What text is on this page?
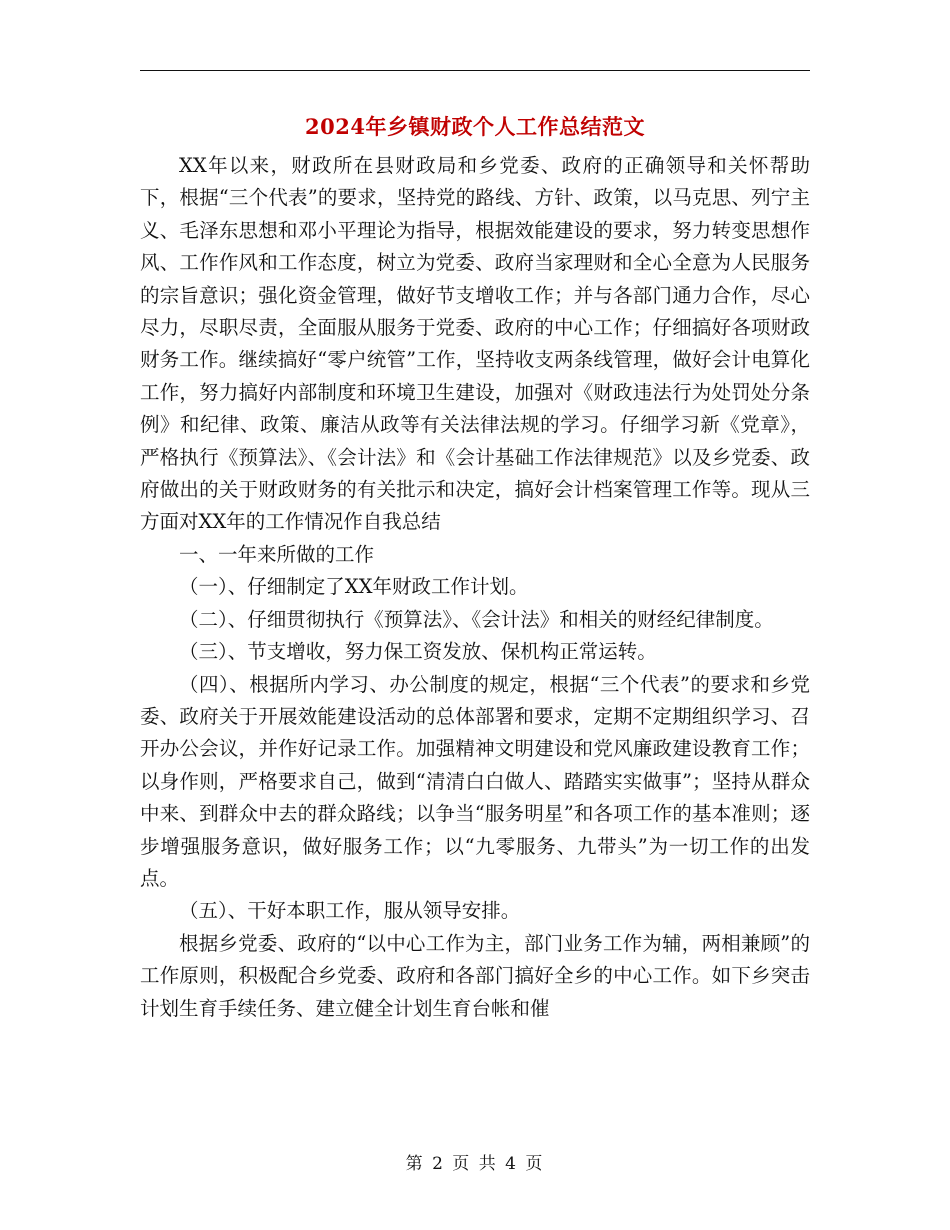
2024年乡镇财政个人工作总结范文

XX年以来，财政所在县财政局和乡党委、政府的正确领导和关怀帮助下，根据“三个代表”的要求，坚持党的路线、方针、政策，以马克思、列宁主义、毛泽东思想和邓小平理论为指导，根据效能建设的要求，努力转变思想作风、工作作风和工作态度，树立为党委、政府当家理财和全心全意为人民服务的宗旨意识；强化资金管理，做好节支增收工作；并与各部门通力合作，尽心尽力，尽职尽责，全面服从服务于党委、政府的中心工作；仔细搞好各项财政财务工作。继续搞好“零户统管”工作，坚持收支两条线管理，做好会计电算化工作，努力搞好内部制度和环境卫生建设，加强对《财政违法行为处罚处分条例》和纪律、政策、廉洁从政等有关法律法规的学习。仔细学习新《党章》，严格执行《预算法》、《会计法》和《会计基础工作法律规范》以及乡党委、政府做出的关于财政财务的有关批示和决定，搞好会计档案管理工作等。现从三方面对XX年的工作情况作自我总结

一、一年来所做的工作

（一）、仔细制定了XX年财政工作计划。

（二）、仔细贯彻执行《预算法》、《会计法》和相关的财经纪律制度。

（三）、节支增收，努力保工资发放、保机构正常运转。

（四）、根据所内学习、办公制度的规定，根据“三个代表”的要求和乡党委、政府关于开展效能建设活动的总体部署和要求，定期不定期组织学习、召开办公会议，并作好记录工作。加强精神文明建设和党风廉政建设教育工作；以身作则，严格要求自己，做到“清清白白做人、踏踏实实做事”；坚持从群众中来、到群众中去的群众路线；以争当“服务明星”和各项工作的基本准则；逐步增强服务意识，做好服务工作；以“九零服务、九带头”为一切工作的出发点。

（五）、干好本职工作，服从领导安排。

根据乡党委、政府的“以中心工作为主，部门业务工作为辅，两相兼顾”的工作原则，积极配合乡党委、政府和各部门搞好全乡的中心工作。如下乡突击计划生育手续任务、建立健全计划生育台帐和催

第 2 页 共 4 页
